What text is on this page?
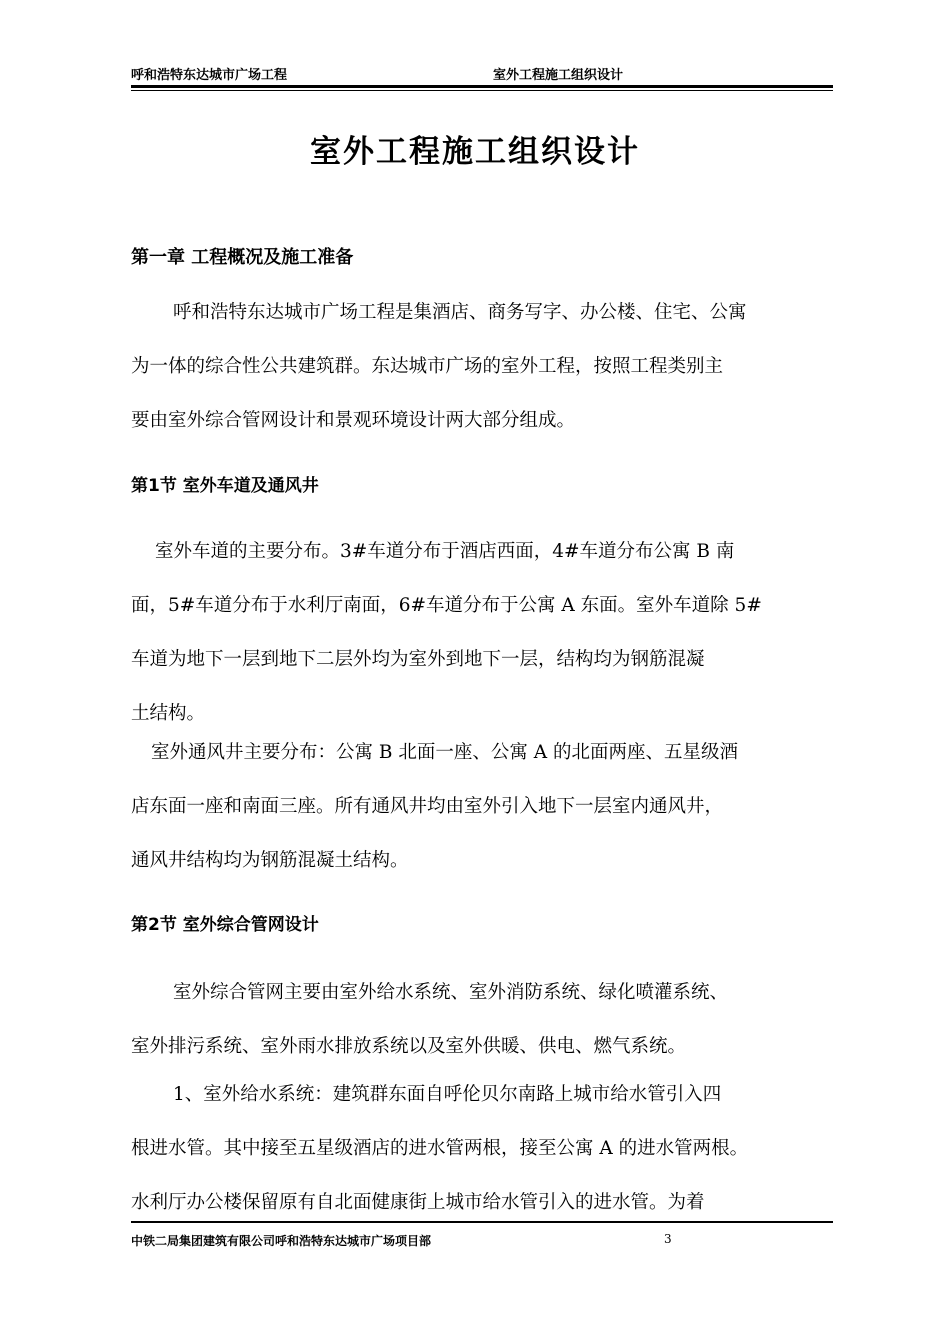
呼和浩特东达城市广场工程	室外工程施工组织设计
室外工程施工组织设计
第一章 工程概况及施工准备
呼和浩特东达城市广场工程是集酒店、商务写字、办公楼、住宅、公寓
为一体的综合性公共建筑群。东达城市广场的室外工程，按照工程类别主
要由室外综合管网设计和景观环境设计两大部分组成。
第1节 室外车道及通风井
室外车道的主要分布。3#车道分布于酒店西面，4#车道分布公寓 B 南
面，5#车道分布于水利厅南面，6#车道分布于公寓 A 东面。室外车道除 5#
车道为地下一层到地下二层外均为室外到地下一层，结构均为钢筋混凝
土结构。
室外通风井主要分布：公寓 B 北面一座、公寓 A 的北面两座、五星级酒
店东面一座和南面三座。所有通风井均由室外引入地下一层室内通风井，
通风井结构均为钢筋混凝土结构。
第2节 室外综合管网设计
室外综合管网主要由室外给水系统、室外消防系统、绿化喷灌系统、
室外排污系统、室外雨水排放系统以及室外供暖、供电、燃气系统。
1、室外给水系统：建筑群东面自呼伦贝尔南路上城市给水管引入四
根进水管。其中接至五星级酒店的进水管两根，接至公寓 A 的进水管两根。
水利厅办公楼保留原有自北面健康街上城市给水管引入的进水管。为着
中铁二局集团建筑有限公司呼和浩特东达城市广场项目部	3
